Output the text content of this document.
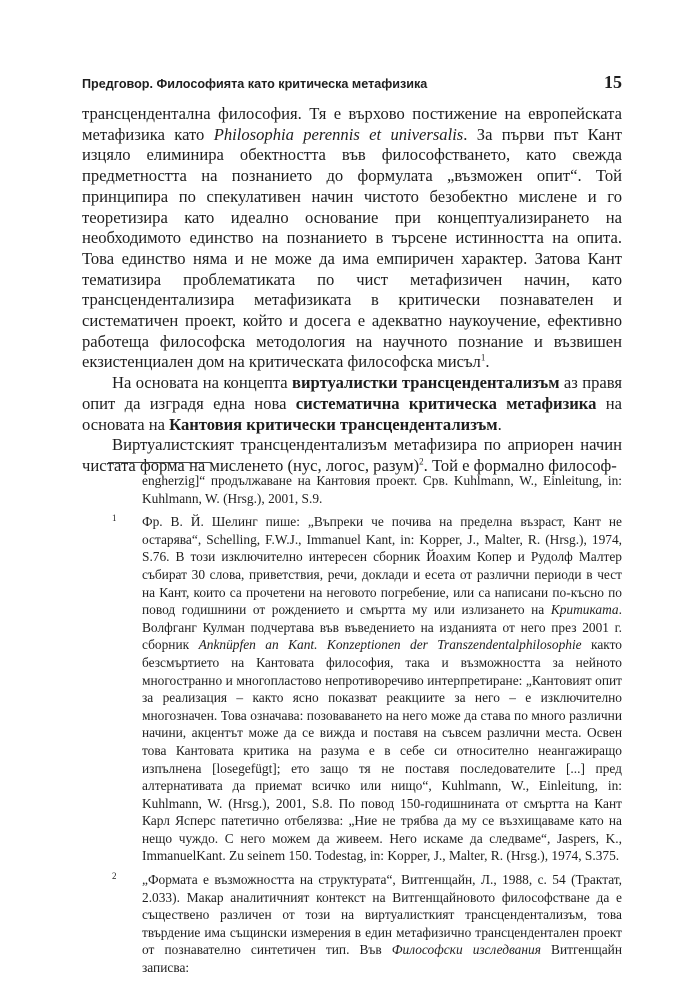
Предговор. Философията като критическа метафизика	15

трансцендентална философия. Тя е върхово постижение на европейската метафизика като Philosophia perennis et universalis. За първи път Кант изцяло елиминира обектността във философстването, като свежда предметността на познанието до формулата „възможен опит“. Той принципира по спекулативен начин чистото безобектно мислене и го теоретизира като идеално основание при концептуализирането на необходимото единство на познанието в търсене истинността на опита. Това единство няма и не може да има емпиричен характер. Затова Кант тематизира проблематиката по чист метафизичен начин, като трансцендентализира метафизиката в критически познавателен и систематичен проект, който и досега е адекватно наукоучение, ефективно работеща философска методология на научното познание и възвишен екзистенциален дом на критическата философска мисъл$^1$.

На основата на концепта виртуалистки трансцендентализъм аз правя опит да изградя една нова систематична критическа метафизика на основата на Кантовия критически трансцендентализъм.

Виртуалистският трансцендентализъм метафизира по априорен начин чистата форма на мисленето (нус, логос, разум)$^2$. Той е формално философ-

engherzig]“ продължаване на Кантовия проект. Срв. Kuhlmann, W., Einleitung, in: Kuhlmann, W. (Hrsg.), 2001, S.9.

1 Фр. В. Й. Шелинг пише: „Въпреки че почива на пределна възраст, Кант не остарява“, Schelling, F.W.J., Immanuel Kant, in: Kopper, J., Malter, R. (Hrsg.), 1974, S.76. В този изключително интересен сборник Йоахим Копер и Рудолф Малтер събират 30 слова, приветствия, речи, доклади и есета от различни периоди в чест на Кант, които са прочетени на неговото погребение, или са написани по-късно по повод годишнини от рождението и смъртта му или излизането на Критиката. Волфганг Кулман подчертава във въведението на изданията от него през 2001 г. сборник Anknüpfen an Kant. Konzeptionen der Transzendentalphilosophie както безсмъртието на Кантовата философия, така и възможността за нейното многостранно и многопластово непротиворечиво интерпретиране: „Кантовият опит за реализация – както ясно показват реакциите за него – е изключително многозначен. Това означава: позоваването на него може да става по много различни начини, акцентът може да се вижда и поставя на съвсем различни места. Освен това Кантовата критика на разума е в себе си относително неангажиращо изпълнена [losegefügt]; ето защо тя не поставя последователите [...] пред алтернативата да приемат всичко или нищо“, Kuhlmann, W., Einleitung, in: Kuhlmann, W. (Hrsg.), 2001, S.8. По повод 150-годишнината от смъртта на Кант Карл Ясперс патетично отбелязва: „Ние не трябва да му се възхищаваме като на нещо чуждо. С него можем да живеем. Него искаме да следваме“, Jaspers, K., ImmanuelKant. Zu seinem 150. Todestag, in: Kopper, J., Malter, R. (Hrsg.), 1974, S.375.

2 „Формата е възможността на структурата“, Витгенщайн, Л., 1988, с. 54 (Трактат, 2.033). Макар аналитичният контекст на Витгенщайновото философстване да е съществено различен от този на виртуалисткият трансцендентализъм, това твърдение има същински измерения в един метафизично трансцендентален проект от познавателно синтетичен тип. Във Философски изследвания Витгенщайн записва:
